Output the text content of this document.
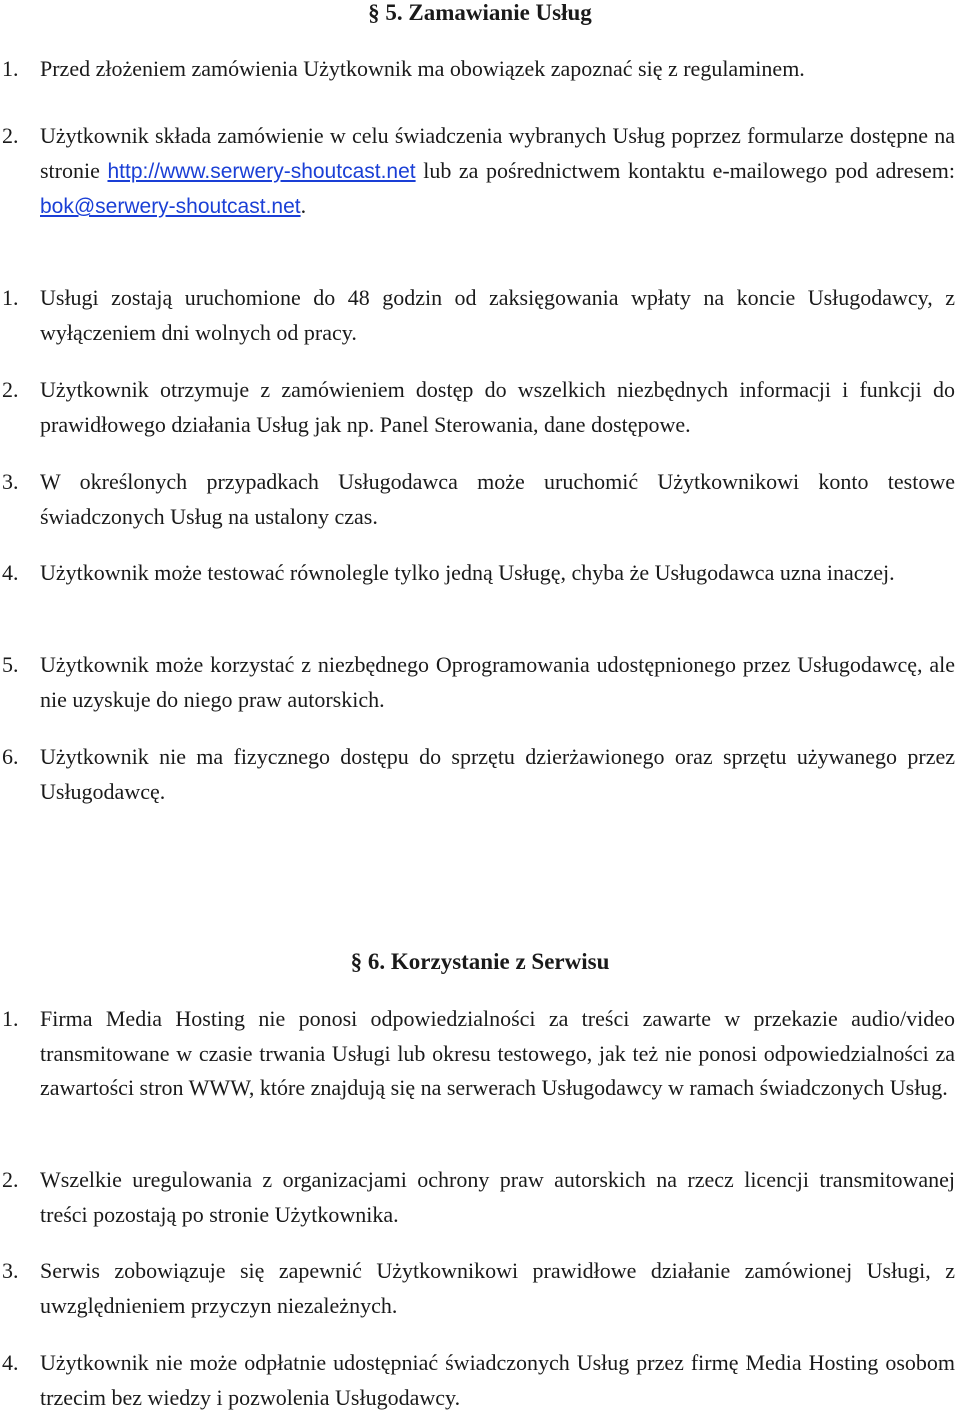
§ 5. Zamawianie Usług
1. Przed złożeniem zamówienia Użytkownik ma obowiązek zapoznać się z regulaminem.
2. Użytkownik składa zamówienie w celu świadczenia wybranych Usług poprzez formularze dostępne na stronie http://www.serwery-shoutcast.net lub za pośrednictwem kontaktu e-mailowego pod adresem: bok@serwery-shoutcast.net.
1. Usługi zostają uruchomione do 48 godzin od zaksięgowania wpłaty na koncie Usługodawcy, z wyłączeniem dni wolnych od pracy.
2. Użytkownik otrzymuje z zamówieniem dostęp do wszelkich niezbędnych informacji i funkcji do prawidłowego działania Usług jak np. Panel Sterowania, dane dostępowe.
3. W określonych przypadkach Usługodawca może uruchomić Użytkownikowi konto testowe świadczonych Usług na ustalony czas.
4. Użytkownik może testować równolegle tylko jedną Usługę, chyba że Usługodawca uzna inaczej.
5. Użytkownik może korzystać z niezbędnego Oprogramowania udostępnionego przez Usługodawcę, ale nie uzyskuje do niego praw autorskich.
6. Użytkownik nie ma fizycznego dostępu do sprzętu dzierżawionego oraz sprzętu używanego przez Usługodawcę.
§ 6. Korzystanie z Serwisu
1. Firma Media Hosting nie ponosi odpowiedzialności za treści zawarte w przekazie audio/video transmitowane w czasie trwania Usługi lub okresu testowego, jak też nie ponosi odpowiedzialności za zawartości stron WWW, które znajdują się na serwerach Usługodawcy w ramach świadczonych Usług.
2. Wszelkie uregulowania z organizacjami ochrony praw autorskich na rzecz licencji transmitowanej treści pozostają po stronie Użytkownika.
3. Serwis zobowiązuje się zapewnić Użytkownikowi prawidłowe działanie zamówionej Usługi, z uwzględnieniem przyczyn niezależnych.
4. Użytkownik nie może odpłatnie udostępniać świadczonych Usług przez firmę Media Hosting osobom trzecim bez wiedzy i pozwolenia Usługodawcy.
